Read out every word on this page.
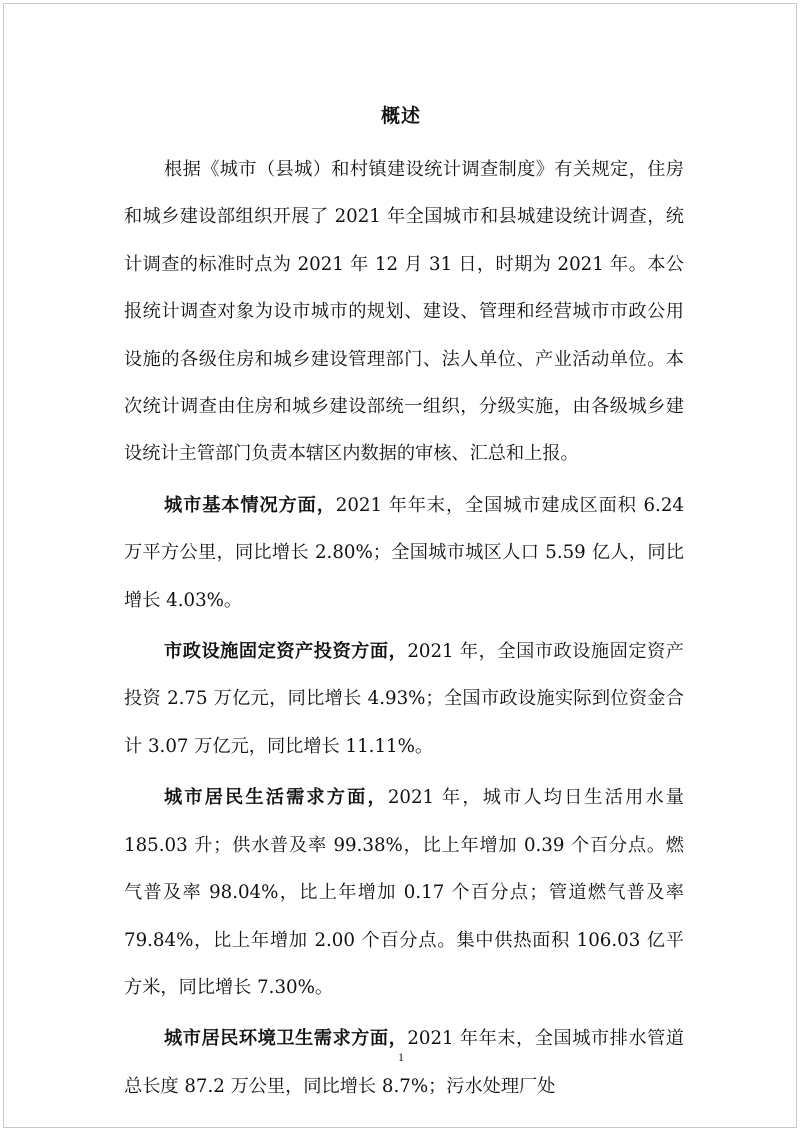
概述

根据《城市（县城）和村镇建设统计调查制度》有关规定，住房和城乡建设部组织开展了 2021 年全国城市和县城建设统计调查，统计调查的标准时点为 2021 年 12 月 31 日，时期为 2021 年。本公报统计调查对象为设市城市的规划、建设、管理和经营城市市政公用设施的各级住房和城乡建设管理部门、法人单位、产业活动单位。本次统计调查由住房和城乡建设部统一组织，分级实施，由各级城乡建设统计主管部门负责本辖区内数据的审核、汇总和上报。

城市基本情况方面，2021 年年末，全国城市建成区面积 6.24 万平方公里，同比增长 2.80%；全国城市城区人口 5.59 亿人，同比增长 4.03%。

市政设施固定资产投资方面，2021 年，全国市政设施固定资产投资 2.75 万亿元，同比增长 4.93%；全国市政设施实际到位资金合计 3.07 万亿元，同比增长 11.11%。

城市居民生活需求方面，2021 年，城市人均日生活用水量 185.03 升；供水普及率 99.38%，比上年增加 0.39 个百分点。燃气普及率 98.04%，比上年增加 0.17 个百分点；管道燃气普及率 79.84%，比上年增加 2.00 个百分点。集中供热面积 106.03 亿平方米，同比增长 7.30%。

城市居民环境卫生需求方面，2021 年年末，全国城市排水管道总长度 87.2 万公里，同比增长 8.7%；污水处理厂处

1
